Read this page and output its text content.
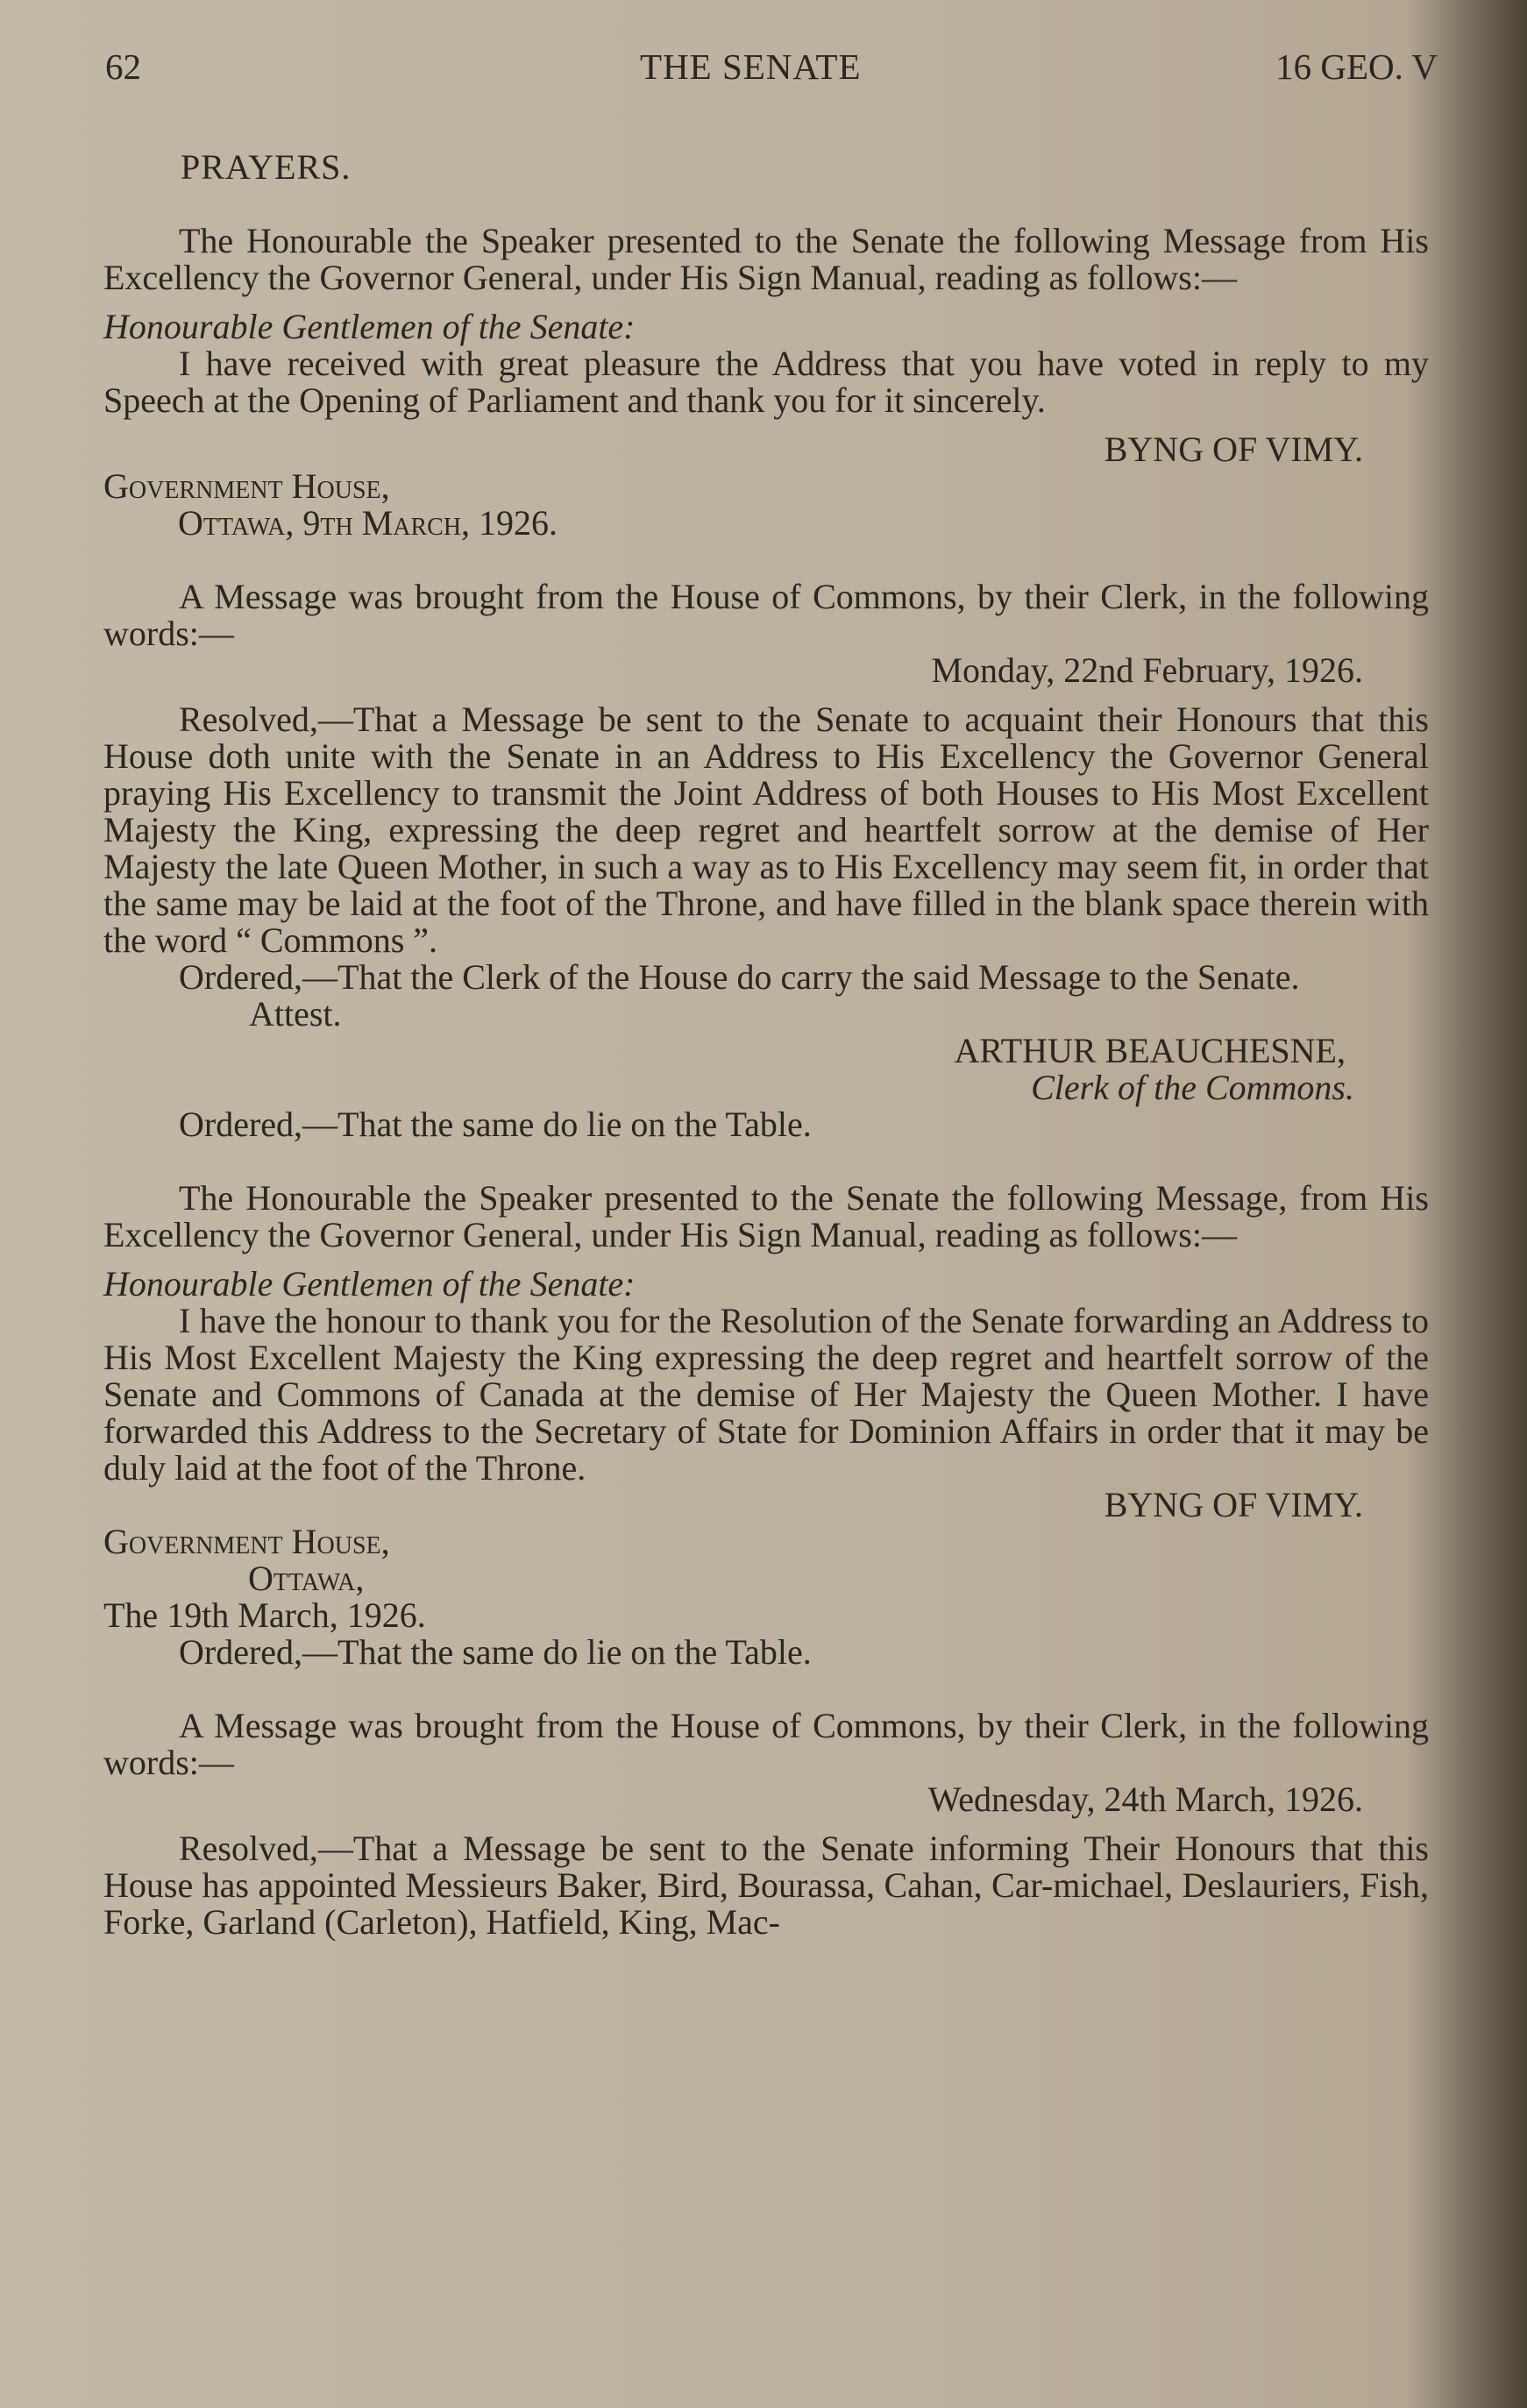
62	THE SENATE	16 GEO. V

PRAYERS.

The Honourable the Speaker presented to the Senate the following Message from His Excellency the Governor General, under His Sign Manual, reading as follows:—

Honourable Gentlemen of the Senate:

I have received with great pleasure the Address that you have voted in reply to my Speech at the Opening of Parliament and thank you for it sincerely.

BYNG OF VIMY.

Government House,

Ottawa, 9th March, 1926.

A Message was brought from the House of Commons, by their Clerk, in the following words:—

Monday, 22nd February, 1926.

Resolved,—That a Message be sent to the Senate to acquaint their Honours that this House doth unite with the Senate in an Address to His Excellency the Governor General praying His Excellency to transmit the Joint Address of both Houses to His Most Excellent Majesty the King, expressing the deep regret and heartfelt sorrow at the demise of Her Majesty the late Queen Mother, in such a way as to His Excellency may seem fit, in order that the same may be laid at the foot of the Throne, and have filled in the blank space therein with the word “ Commons ”.

Ordered,—That the Clerk of the House do carry the said Message to the Senate.

Attest.

ARTHUR BEAUCHESNE,

Clerk of the Commons.

Ordered,—That the same do lie on the Table.

The Honourable the Speaker presented to the Senate the following Message, from His Excellency the Governor General, under His Sign Manual, reading as follows:—

Honourable Gentlemen of the Senate:

I have the honour to thank you for the Resolution of the Senate forwarding an Address to His Most Excellent Majesty the King expressing the deep regret and heartfelt sorrow of the Senate and Commons of Canada at the demise of Her Majesty the Queen Mother. I have forwarded this Address to the Secretary of State for Dominion Affairs in order that it may be duly laid at the foot of the Throne.

BYNG OF VIMY.

Government House,

Ottawa,

The 19th March, 1926.

Ordered,—That the same do lie on the Table.

A Message was brought from the House of Commons, by their Clerk, in the following words:—

Wednesday, 24th March, 1926.

Resolved,—That a Message be sent to the Senate informing Their Honours that this House has appointed Messieurs Baker, Bird, Bourassa, Cahan, Car-michael, Deslauriers, Fish, Forke, Garland (Carleton), Hatfield, King, Mac-
